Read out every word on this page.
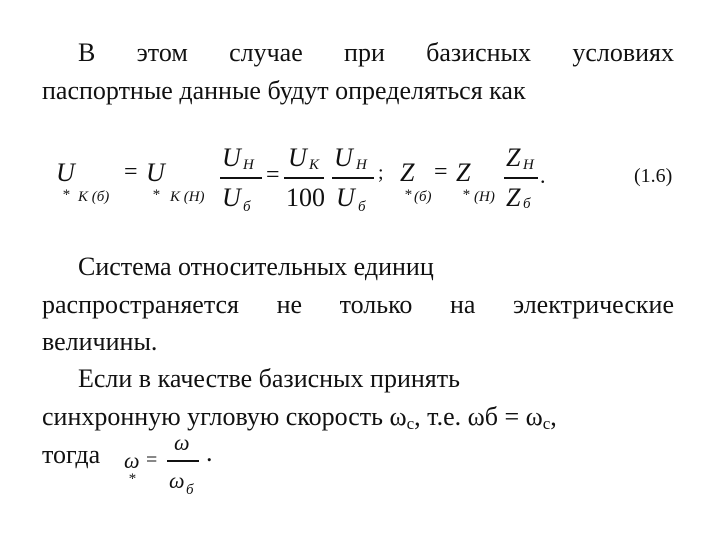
В этом случае при базисных условиях

паспортные данные будут определяться как

U
* К (б)
= U
* К (Н)
U Н
U б
=
U К
100
U Н
U б
; Z
* (б)
= Z
* (Н)
Z Н
Z б
.	(1.6)

Система относительных единиц

распространяется не только на электрические

величины.

Если в качестве базисных принять

синхронную угловую скорость $\omega_с$, т.е. $\omega б = \omega_с$,

тогда	ω
*
=
ω
ω б
.
